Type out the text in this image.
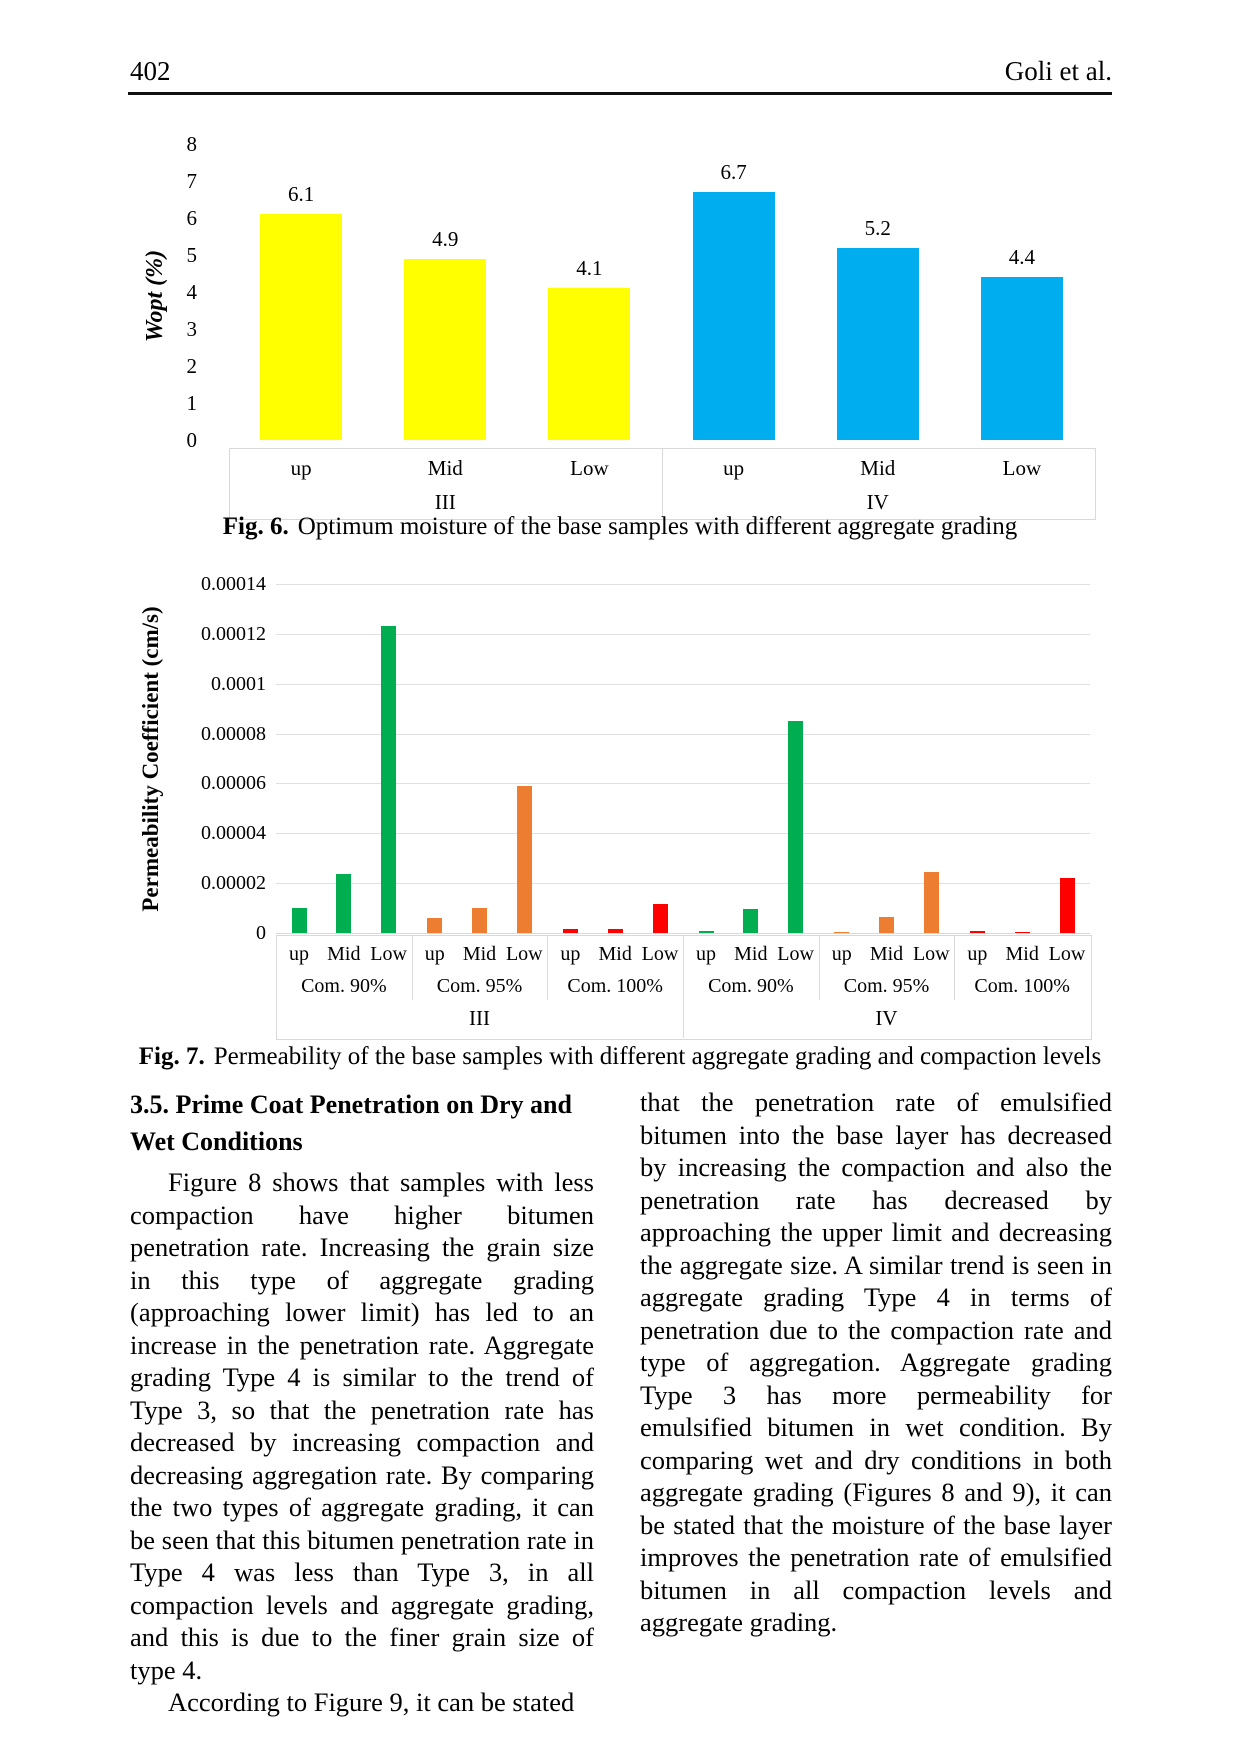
402	Goli et al.
Wopt (%)
0
1
2
3
4
5
6
7
8
6.1
4.9
4.1
6.7
5.2
4.4
up	Mid	Low	up	Mid	Low
III	IV
Fig. 6. Optimum moisture of the base samples with different aggregate grading
Permeability Coefficient (cm/s)
0
0.00002
0.00004
0.00006
0.00008
0.0001
0.00012
0.00014
up Mid Low
Com. 90%
up Mid Low
Com. 95%
up Mid Low
Com. 100%
up Mid Low
Com. 90%
up Mid Low
Com. 95%
up Mid Low
Com. 100%
III	IV
Fig. 7. Permeability of the base samples with different aggregate grading and compaction levels

3.5. Prime Coat Penetration on Dry and Wet Conditions

Figure 8 shows that samples with less compaction have higher bitumen penetration rate. Increasing the grain size in this type of aggregate grading (approaching lower limit) has led to an increase in the penetration rate. Aggregate grading Type 4 is similar to the trend of Type 3, so that the penetration rate has decreased by increasing compaction and decreasing aggregation rate. By comparing the two types of aggregate grading, it can be seen that this bitumen penetration rate in Type 4 was less than Type 3, in all compaction levels and aggregate grading, and this is due to the finer grain size of type 4.

According to Figure 9, it can be stated

that the penetration rate of emulsified bitumen into the base layer has decreased by increasing the compaction and also the penetration rate has decreased by approaching the upper limit and decreasing the aggregate size. A similar trend is seen in aggregate grading Type 4 in terms of penetration due to the compaction rate and type of aggregation. Aggregate grading Type 3 has more permeability for emulsified bitumen in wet condition. By comparing wet and dry conditions in both aggregate grading (Figures 8 and 9), it can be stated that the moisture of the base layer improves the penetration rate of emulsified bitumen in all compaction levels and aggregate grading.
